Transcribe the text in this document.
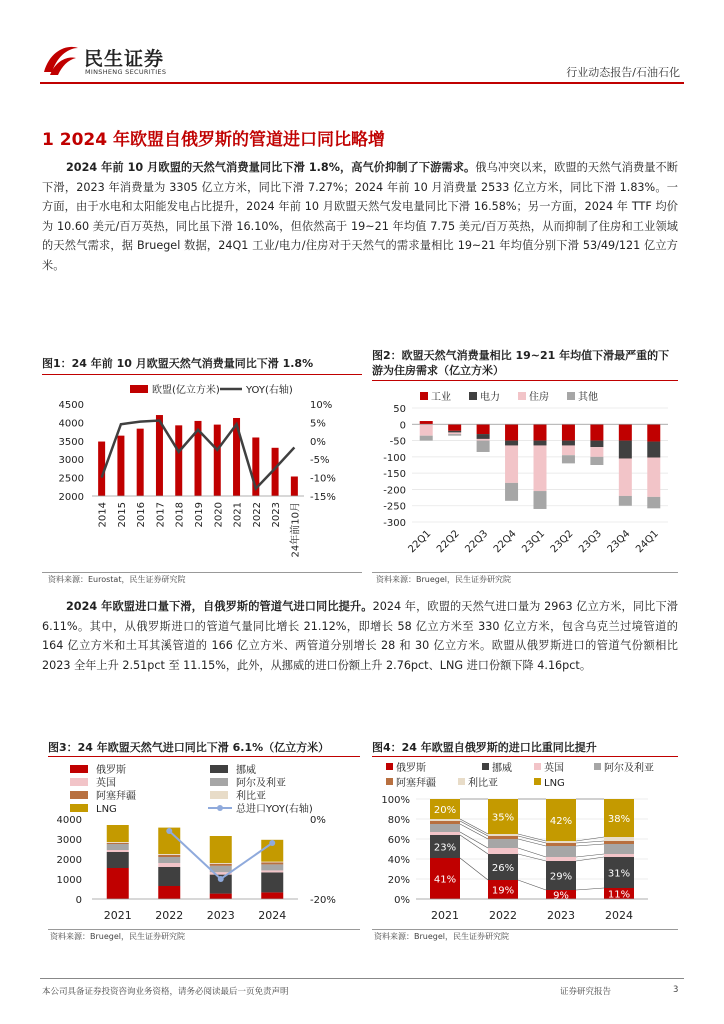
民生证券
MINSHENG SECURITIES	行业动态报告/石油石化
1 2024 年欧盟自俄罗斯的管道进口同比略增
2024 年前 10 月欧盟的天然气消费量同比下滑 1.8%，高气价抑制了下游需求。俄乌冲突以来，欧盟的天然气消费量不断下滑，2023 年消费量为 3305 亿立方米，同比下滑 7.27%；2024 年前 10 月消费量 2533 亿立方米，同比下滑 1.83%。一方面，由于水电和太阳能发电占比提升，2024 年前 10 月欧盟天然气发电量同比下滑 16.58%；另一方面，2024 年 TTF 均价为 10.60 美元/百万英热，同比虽下滑 16.10%，但依然高于 19~21 年均值 7.75 美元/百万英热，从而抑制了住房和工业领域的天然气需求，据 Bruegel 数据，24Q1 工业/电力/住房对于天然气的需求量相比 19~21 年均值分别下滑 53/49/121 亿立方米。
图1：24 年前 10 月欧盟天然气消费量同比下滑 1.8%
欧盟(亿立方米)	YOY(右轴)
4500
4000
3500
3000
2500
2000
10%
5%
0%
-5%
-10%
-15%
2014 2015 2016 2017 2018 2019 2020 2021 2022 2023 24年前10月
资料来源：Eurostat，民生证券研究院
图2：欧盟天然气消费量相比 19~21 年均值下滑最严重的下游为住房需求（亿立方米）
工业	电力	住房	其他
50
0
-50
-100
-150
-200
-250
-300
22Q1 22Q2 22Q3 22Q4 23Q1 23Q2 23Q3 23Q4 24Q1
资料来源：Bruegel，民生证券研究院
2024 年欧盟进口量下滑，自俄罗斯的管道气进口同比提升。2024 年，欧盟的天然气进口量为 2963 亿立方米，同比下滑 6.11%。其中，从俄罗斯进口的管道气量同比增长 21.12%，即增长 58 亿立方米至 330 亿立方米，包含乌克兰过境管道的 164 亿立方米和土耳其溪管道的 166 亿立方米、两管道分别增长 28 和 30 亿立方米。欧盟从俄罗斯进口的管道气份额相比 2023 全年上升 2.51pct 至 11.15%，此外，从挪威的进口份额上升 2.76pct、LNG 进口份额下降 4.16pct。
图3：24 年欧盟天然气进口同比下滑 6.1%（亿立方米）
俄罗斯	挪威
英国	阿尔及利亚
阿塞拜疆	利比亚
LNG	总进口YOY(右轴)
4000
3000
2000
1000
0
0%
-20%
2021 2022 2023 2024
资料来源：Bruegel，民生证券研究院
图4：24 年欧盟自俄罗斯的进口比重同比提升
俄罗斯	挪威	英国	阿尔及利亚
阿塞拜疆	利比亚	LNG
100%
80%
60%
40%
20%
0%
41%
19%	9%	11%
23%
26%
29%	31%
20%
35%	42%	38%
2021	2022	2023	2024
资料来源：Bruegel，民生证券研究院
本公司具备证券投资咨询业务资格，请务必阅读最后一页免责声明	证券研究报告	3
